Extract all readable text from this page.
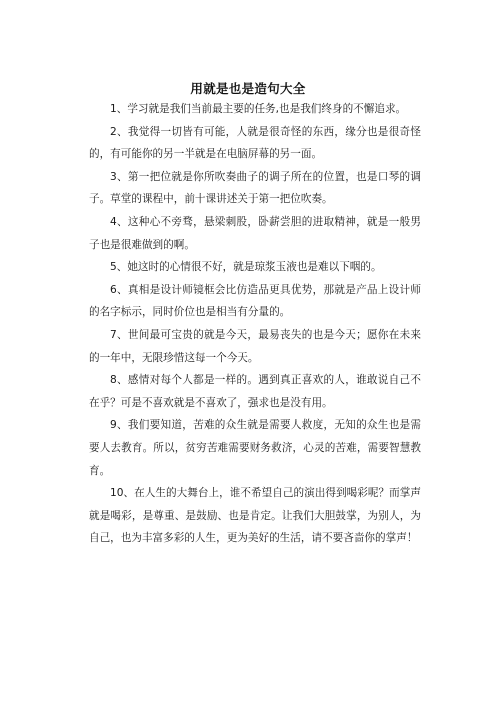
用就是也是造句大全

1、学习就是我们当前最主要的任务,也是我们终身的不懈追求。

2、我觉得一切皆有可能，人就是很奇怪的东西，缘分也是很奇怪的，有可能你的另一半就是在电脑屏幕的另一面。

3、第一把位就是你所吹奏曲子的调子所在的位置，也是口琴的调子。草堂的课程中，前十课讲述关于第一把位吹奏。

4、这种心不旁骛，悬梁刺股，卧薪尝胆的进取精神，就是一般男子也是很难做到的啊。

5、她这时的心情很不好，就是琼浆玉液也是难以下咽的。

6、真相是设计师镜框会比仿造品更具优势，那就是产品上设计师的名字标示，同时价位也是相当有分量的。

7、世间最可宝贵的就是今天，最易丧失的也是今天；愿你在未来的一年中，无限珍惜这每一个今天。

8、感情对每个人都是一样的。遇到真正喜欢的人，谁敢说自己不在乎？可是不喜欢就是不喜欢了，强求也是没有用。

9、我们要知道，苦难的众生就是需要人救度，无知的众生也是需要人去教育。所以，贫穷苦难需要财务救济，心灵的苦难，需要智慧教育。

10、在人生的大舞台上，谁不希望自己的演出得到喝彩呢？而掌声就是喝彩，是尊重、是鼓励、也是肯定。让我们大胆鼓掌，为别人，为自己，也为丰富多彩的人生，更为美好的生活，请不要吝啬你的掌声！
